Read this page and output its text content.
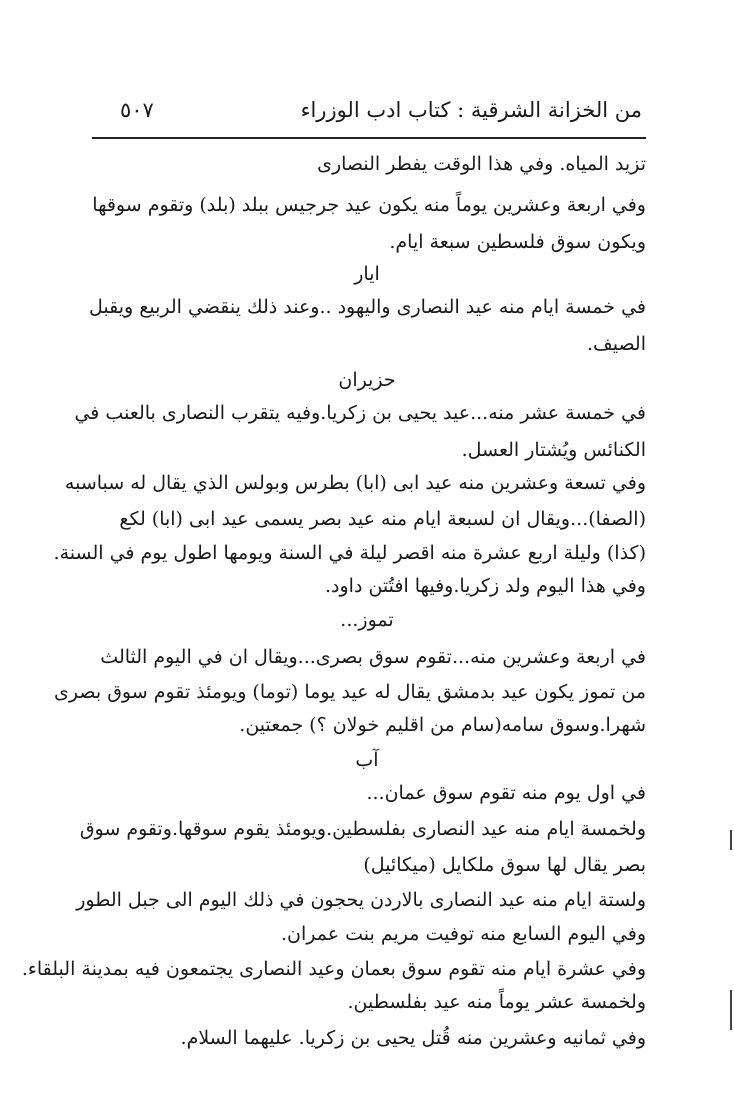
من الخزانة الشرقية : كتاب ادب الوزراء
٥٠٧
تزيد المياه. وفي هذا الوقت يفطر النصارى
وفي اربعة وعشرين يوماً منه يكون عيد جرجيس ببلد (بلد) وتقوم سوقها
ويكون سوق فلسطين سبعة ايام.
ايار
في خمسة ايام منه عيد النصارى واليهود ..وعند ذلك ينقضي الربيع ويقبل
الصيف.
حزيران
في خمسة عشر منه...عيد يحيى بن زكريا.وفيه يتقرب النصارى بالعنب في
الكنائس ويُشتار العسل.
وفي تسعة وعشرين منه عيد ابى (ابا) بطرس وبولس الذي يقال له سباسبه
(الصفا)...ويقال ان لسبعة ايام منه عيد بصر يسمى عيد ابى (ابا) لكع
(كذا) وليلة اربع عشرة منه اقصر ليلة في السنة ويومها اطول يوم في السنة.
وفي هذا اليوم ولد زكريا.وفيها افتُتن داود.
تموز...
في اربعة وعشرين منه...تقوم سوق بصرى...ويقال ان في اليوم الثالث
من تموز يكون عيد بدمشق يقال له عيد يوما (توما) ويومئذ تقوم سوق بصرى
شهرا.وسوق سامه(سام من اقليم خولان ؟) جمعتين.
آب
في اول يوم منه تقوم سوق عمان...
ولخمسة ايام منه عيد النصارى بفلسطين.ويومئذ يقوم سوقها.وتقوم سوق
بصر يقال لها سوق ملكايل (ميكائيل)
ولستة ايام منه عيد النصارى بالاردن يحجون في ذلك اليوم الى جبل الطور
وفي اليوم السابع منه توفيت مريم بنت عمران.
وفي عشرة ايام منه تقوم سوق بعمان وعيد النصارى يجتمعون فيه بمدينة البلقاء.
ولخمسة عشر يوماً منه عيد بفلسطين.
وفي ثمانيه وعشرين منه قُتل يحيى بن زكريا. عليهما السلام.
